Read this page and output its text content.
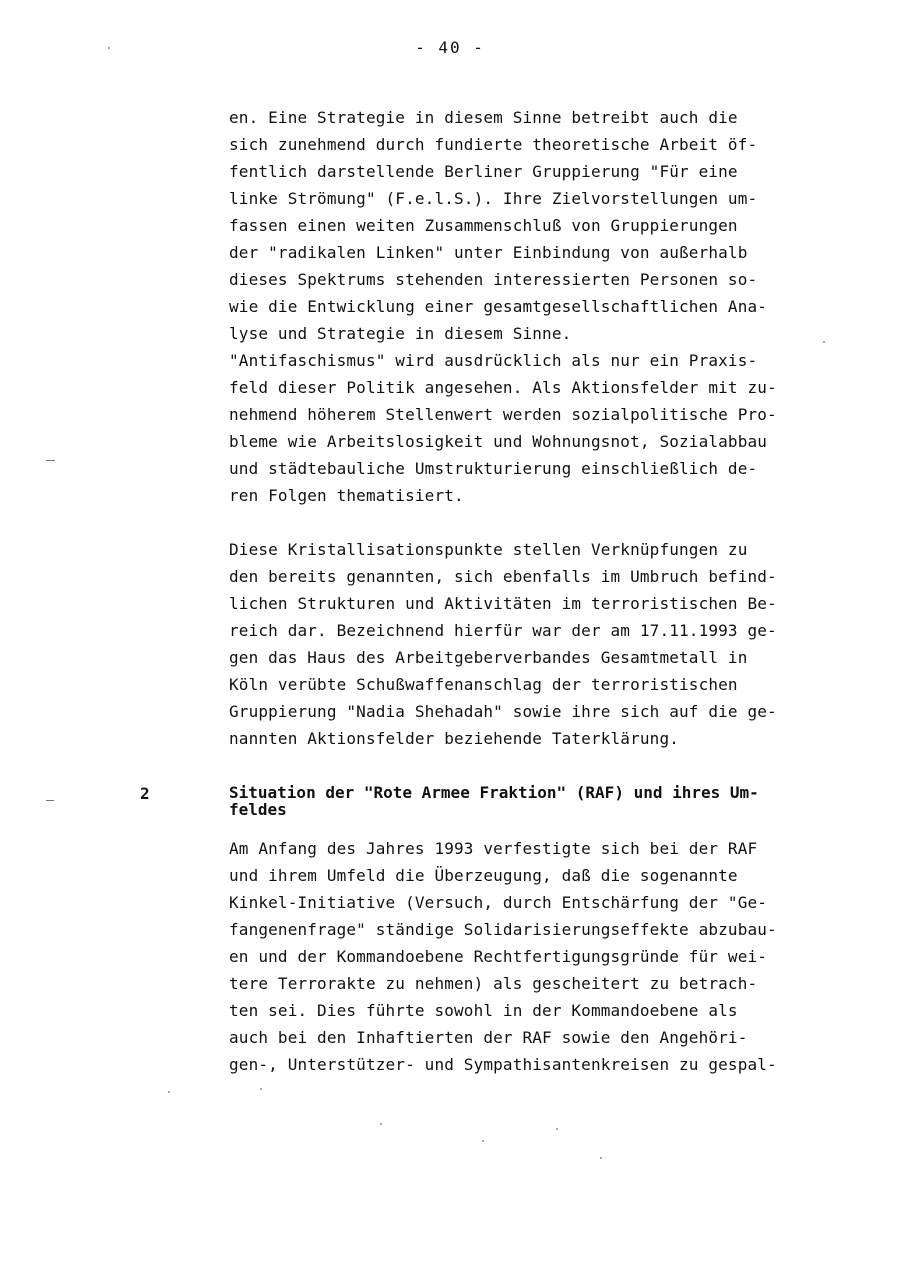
- 40 -
en. Eine Strategie in diesem Sinne betreibt auch die
sich zunehmend durch fundierte theoretische Arbeit öf-
fentlich darstellende Berliner Gruppierung "Für eine
linke Strömung" (F.e.l.S.). Ihre Zielvorstellungen um-
fassen einen weiten Zusammenschluß von Gruppierungen
der "radikalen Linken" unter Einbindung von außerhalb
dieses Spektrums stehenden interessierten Personen so-
wie die Entwicklung einer gesamtgesellschaftlichen Ana-
lyse und Strategie in diesem Sinne.
"Antifaschismus" wird ausdrücklich als nur ein Praxis-
feld dieser Politik angesehen. Als Aktionsfelder mit zu-
nehmend höherem Stellenwert werden sozialpolitische Pro-
bleme wie Arbeitslosigkeit und Wohnungsnot, Sozialabbau
und städtebauliche Umstrukturierung einschließlich de-
ren Folgen thematisiert.
Diese Kristallisationspunkte stellen Verknüpfungen zu
den bereits genannten, sich ebenfalls im Umbruch befind-
lichen Strukturen und Aktivitäten im terroristischen Be-
reich dar. Bezeichnend hierfür war der am 17.11.1993 ge-
gen das Haus des Arbeitgeberverbandes Gesamtmetall in
Köln verübte Schußwaffenanschlag der terroristischen
Gruppierung "Nadia Shehadah" sowie ihre sich auf die ge-
nannten Aktionsfelder beziehende Taterklärung.
2	Situation der "Rote Armee Fraktion" (RAF) und ihres Um-
feldes
Am Anfang des Jahres 1993 verfestigte sich bei der RAF
und ihrem Umfeld die Überzeugung, daß die sogenannte
Kinkel-Initiative (Versuch, durch Entschärfung der "Ge-
fangenenfrage" ständige Solidarisierungseffekte abzubau-
en und der Kommandoebene Rechtfertigungsgründe für wei-
tere Terrorakte zu nehmen) als gescheitert zu betrach-
ten sei. Dies führte sowohl in der Kommandoebene als
auch bei den Inhaftierten der RAF sowie den Angehöri-
gen-, Unterstützer- und Sympathisantenkreisen zu gespal-
